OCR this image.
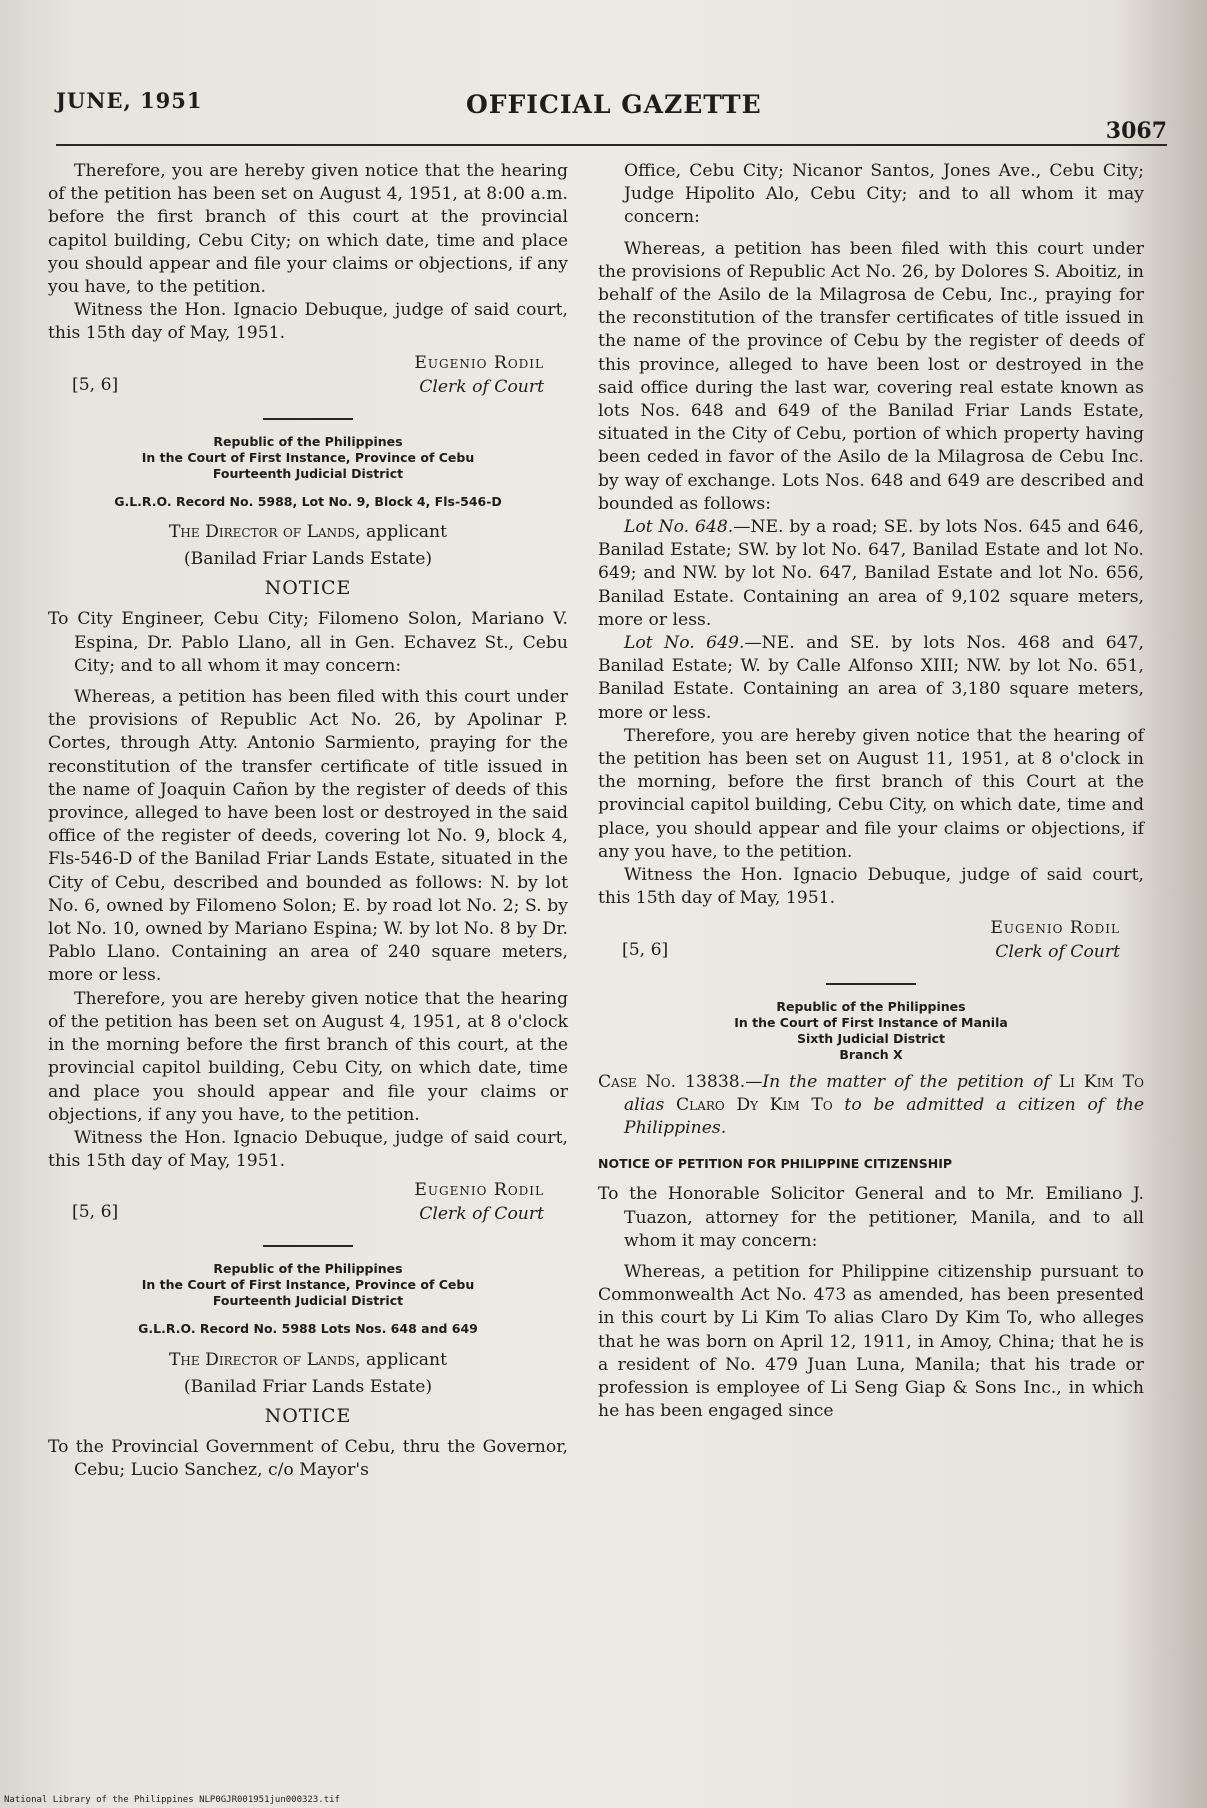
JUNE, 1951	OFFICIAL GAZETTE
3067

Therefore, you are hereby given notice that the hearing of the petition has been set on August 4, 1951, at 8:00 a.m. before the first branch of this court at the provincial capitol building, Cebu City; on which date, time and place you should appear and file your claims or objections, if any you have, to the petition.

Witness the Hon. Ignacio Debuque, judge of said court, this 15th day of May, 1951.

[5, 6]
Eugenio Rodil
Clerk of Court
Republic of the Philippines
In the Court of First Instance, Province of Cebu
Fourteenth Judicial District
G.L.R.O. Record No. 5988, Lot No. 9, Block 4, Fls-546-D
The Director of Lands, applicant
(Banilad Friar Lands Estate)
NOTICE

To City Engineer, Cebu City; Filomeno Solon, Mariano V. Espina, Dr. Pablo Llano, all in Gen. Echavez St., Cebu City; and to all whom it may concern:

Whereas, a petition has been filed with this court under the provisions of Republic Act No. 26, by Apolinar P. Cortes, through Atty. Antonio Sarmiento, praying for the reconstitution of the transfer certificate of title issued in the name of Joaquin Cañon by the register of deeds of this province, alleged to have been lost or destroyed in the said office of the register of deeds, covering lot No. 9, block 4, Fls-546-D of the Banilad Friar Lands Estate, situated in the City of Cebu, described and bounded as follows: N. by lot No. 6, owned by Filomeno Solon; E. by road lot No. 2; S. by lot No. 10, owned by Mariano Espina; W. by lot No. 8 by Dr. Pablo Llano. Containing an area of 240 square meters, more or less.

Therefore, you are hereby given notice that the hearing of the petition has been set on August 4, 1951, at 8 o'clock in the morning before the first branch of this court, at the provincial capitol building, Cebu City, on which date, time and place you should appear and file your claims or objections, if any you have, to the petition.

Witness the Hon. Ignacio Debuque, judge of said court, this 15th day of May, 1951.

[5, 6]
Eugenio Rodil
Clerk of Court
Republic of the Philippines
In the Court of First Instance, Province of Cebu
Fourteenth Judicial District
G.L.R.O. Record No. 5988 Lots Nos. 648 and 649
The Director of Lands, applicant
(Banilad Friar Lands Estate)
NOTICE

To the Provincial Government of Cebu, thru the Governor, Cebu; Lucio Sanchez, c/o Mayor's

Office, Cebu City; Nicanor Santos, Jones Ave., Cebu City; Judge Hipolito Alo, Cebu City; and to all whom it may concern:

Whereas, a petition has been filed with this court under the provisions of Republic Act No. 26, by Dolores S. Aboitiz, in behalf of the Asilo de la Milagrosa de Cebu, Inc., praying for the reconstitution of the transfer certificates of title issued in the name of the province of Cebu by the register of deeds of this province, alleged to have been lost or destroyed in the said office during the last war, covering real estate known as lots Nos. 648 and 649 of the Banilad Friar Lands Estate, situated in the City of Cebu, portion of which property having been ceded in favor of the Asilo de la Milagrosa de Cebu Inc. by way of exchange. Lots Nos. 648 and 649 are described and bounded as follows:

Lot No. 648.—NE. by a road; SE. by lots Nos. 645 and 646, Banilad Estate; SW. by lot No. 647, Banilad Estate and lot No. 649; and NW. by lot No. 647, Banilad Estate and lot No. 656, Banilad Estate. Containing an area of 9,102 square meters, more or less.

Lot No. 649.—NE. and SE. by lots Nos. 468 and 647, Banilad Estate; W. by Calle Alfonso XIII; NW. by lot No. 651, Banilad Estate. Containing an area of 3,180 square meters, more or less.

Therefore, you are hereby given notice that the hearing of the petition has been set on August 11, 1951, at 8 o'clock in the morning, before the first branch of this Court at the provincial capitol building, Cebu City, on which date, time and place, you should appear and file your claims or objections, if any you have, to the petition.

Witness the Hon. Ignacio Debuque, judge of said court, this 15th day of May, 1951.

[5, 6]
Eugenio Rodil
Clerk of Court
Republic of the Philippines
In the Court of First Instance of Manila
Sixth Judicial District
Branch X

Case No. 13838.—In the matter of the petition of Li Kim To alias Claro Dy Kim To to be admitted a citizen of the Philippines.

NOTICE OF PETITION FOR PHILIPPINE CITIZENSHIP

To the Honorable Solicitor General and to Mr. Emiliano J. Tuazon, attorney for the petitioner, Manila, and to all whom it may concern:

Whereas, a petition for Philippine citizenship pursuant to Commonwealth Act No. 473 as amended, has been presented in this court by Li Kim To alias Claro Dy Kim To, who alleges that he was born on April 12, 1911, in Amoy, China; that he is a resident of No. 479 Juan Luna, Manila; that his trade or profession is employee of Li Seng Giap & Sons Inc., in which he has been engaged since

National Library of the Philippines NLP0GJR001951jun000323.tif
